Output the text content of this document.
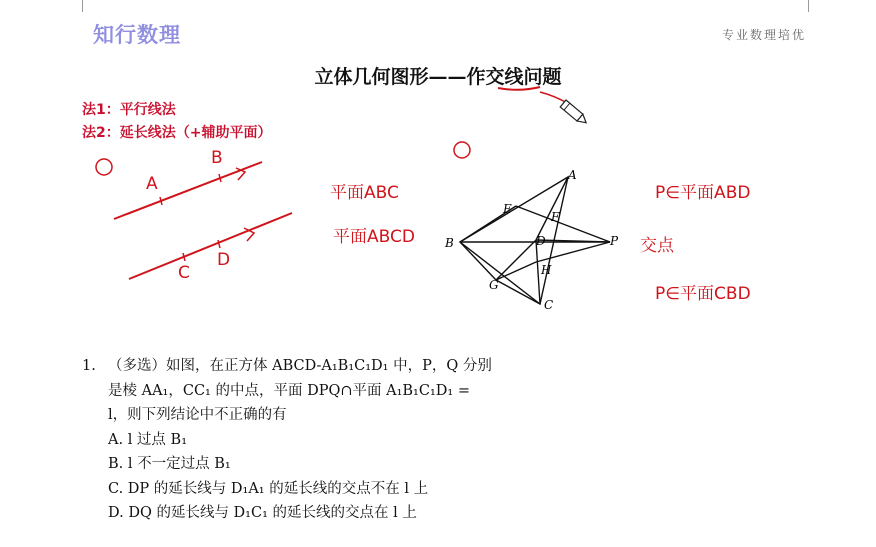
知行数理	专业数理培优
立体几何图形——作交线问题
法1：平行线法
法2：延长线法（+辅助平面）
A
B
C
D
平面ABC
平面ABCD
A
E
F
B	D	P
H
G
C
P∈平面ABD
交点
P∈平面CBD
1. （多选）如图，在正方体 ABCD-A₁B₁C₁D₁ 中，P，Q 分别
是棱 AA₁，CC₁ 的中点，平面 DPQ∩平面 A₁B₁C₁D₁ =
l，则下列结论中不正确的有
A. l 过点 B₁
B. l 不一定过点 B₁
C. DP 的延长线与 D₁A₁ 的延长线的交点不在 l 上
D. DQ 的延长线与 D₁C₁ 的延长线的交点在 l 上
